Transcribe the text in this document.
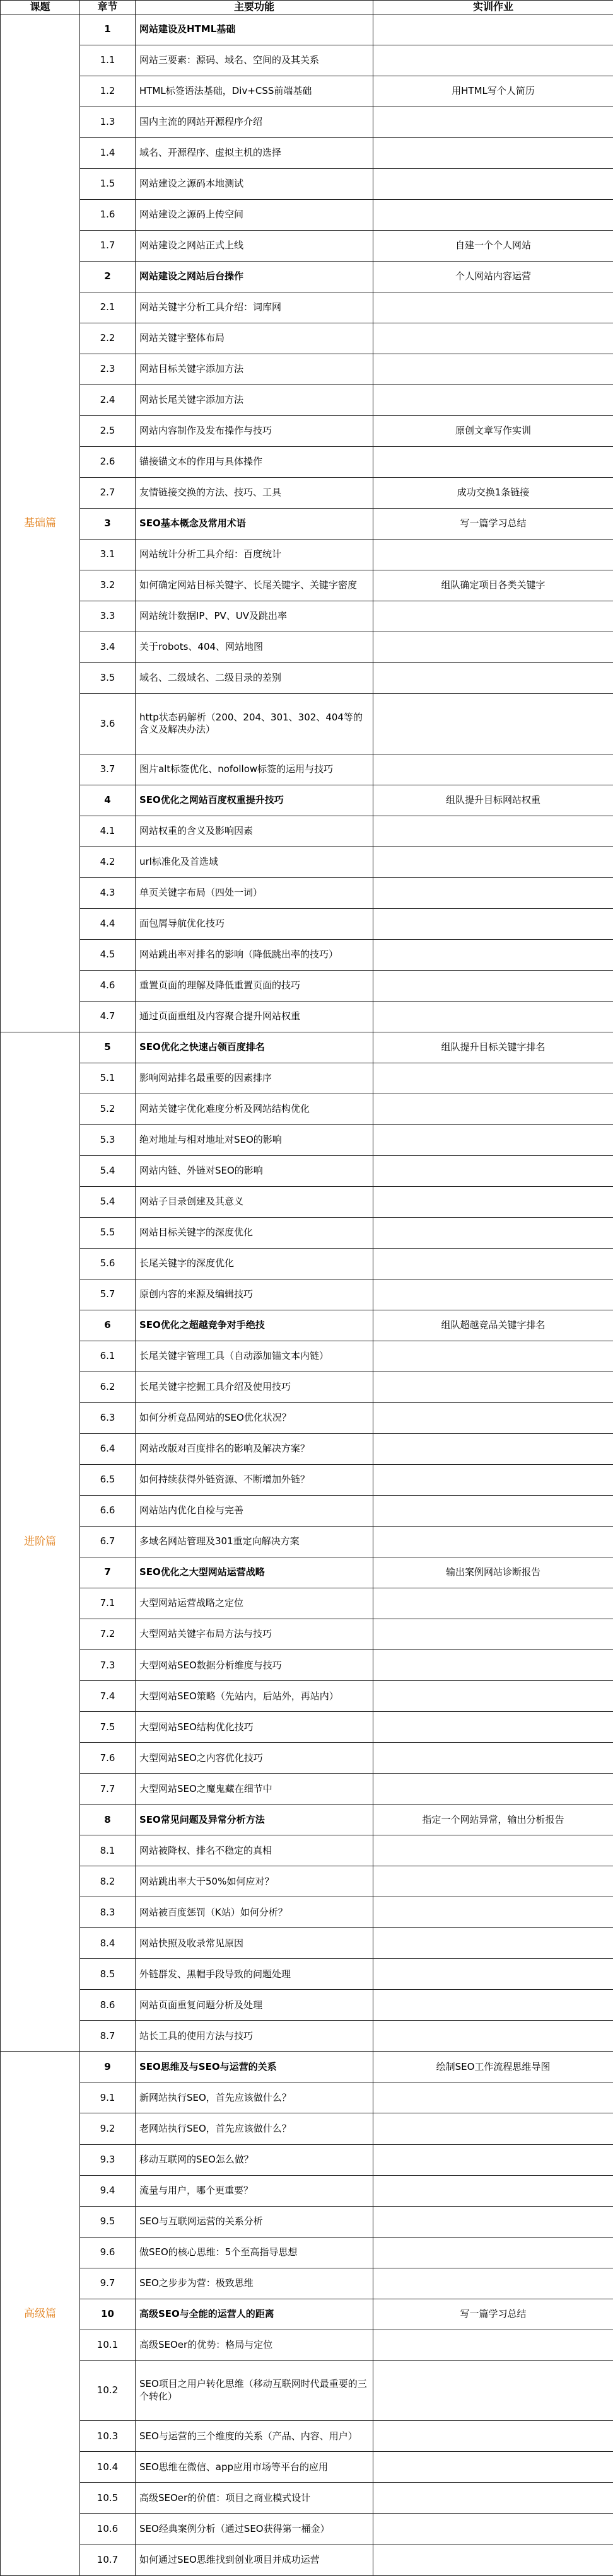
课题	章节	主要功能	实训作业
基础篇	1	网站建设及HTML基础	
	1.1	网站三要素：源码、域名、空间的及其关系	
	1.2	HTML标签语法基础，Div+CSS前端基础	用HTML写个人简历
	1.3	国内主流的网站开源程序介绍	
	1.4	域名、开源程序、虚拟主机的选择	
	1.5	网站建设之源码本地测试	
	1.6	网站建设之源码上传空间	
	1.7	网站建设之网站正式上线	自建一个个人网站
	2	网站建设之网站后台操作	个人网站内容运营
	2.1	网站关键字分析工具介绍：词库网	
	2.2	网站关键字整体布局	
	2.3	网站目标关键字添加方法	
	2.4	网站长尾关键字添加方法	
	2.5	网站内容制作及发布操作与技巧	原创文章写作实训
	2.6	锚接锚文本的作用与具体操作	
	2.7	友情链接交换的方法、技巧、工具	成功交换1条链接
	3	SEO基本概念及常用术语	写一篇学习总结
	3.1	网站统计分析工具介绍：百度统计	
	3.2	如何确定网站目标关键字、长尾关键字、关键字密度	组队确定项目各类关键字
	3.3	网站统计数据IP、PV、UV及跳出率	
	3.4	关于robots、404、网站地图	
	3.5	域名、二级域名、二级目录的差别	
	3.6	http状态码解析（200、204、301、302、404等的含义及解决办法）	
	3.7	图片alt标签优化、nofollow标签的运用与技巧	
	4	SEO优化之网站百度权重提升技巧	组队提升目标网站权重
	4.1	网站权重的含义及影响因素	
	4.2	url标准化及首选域	
	4.3	单页关键字布局（四处一词）	
	4.4	面包屑导航优化技巧	
	4.5	网站跳出率对排名的影响（降低跳出率的技巧）	
	4.6	重置页面的理解及降低重置页面的技巧	
	4.7	通过页面重组及内容聚合提升网站权重	
进阶篇	5	SEO优化之快速占领百度排名	组队提升目标关键字排名
	5.1	影响网站排名最重要的因素排序	
	5.2	网站关键字优化难度分析及网站结构优化	
	5.3	绝对地址与相对地址对SEO的影响	
	5.4	网站内链、外链对SEO的影响	
	5.4	网站子目录创建及其意义	
	5.5	网站目标关键字的深度优化	
	5.6	长尾关键字的深度优化	
	5.7	原创内容的来源及编辑技巧	
	6	SEO优化之超越竞争对手绝技	组队超越竞品关键字排名
	6.1	长尾关键字管理工具（自动添加锚文本内链）	
	6.2	长尾关键字挖掘工具介绍及使用技巧	
	6.3	如何分析竞品网站的SEO优化状况？	
	6.4	网站改版对百度排名的影响及解决方案？	
	6.5	如何持续获得外链资源、不断增加外链？	
	6.6	网站站内优化自检与完善	
	6.7	多域名网站管理及301重定向解决方案	
	7	SEO优化之大型网站运营战略	输出案例网站诊断报告
	7.1	大型网站运营战略之定位	
	7.2	大型网站关键字布局方法与技巧	
	7.3	大型网站SEO数据分析维度与技巧	
	7.4	大型网站SEO策略（先站内，后站外，再站内）	
	7.5	大型网站SEO结构优化技巧	
	7.6	大型网站SEO之内容优化技巧	
	7.7	大型网站SEO之魔鬼藏在细节中	
	8	SEO常见问题及异常分析方法	指定一个网站异常，输出分析报告
	8.1	网站被降权、排名不稳定的真相	
	8.2	网站跳出率大于50%如何应对？	
	8.3	网站被百度惩罚（K站）如何分析？	
	8.4	网站快照及收录常见原因	
	8.5	外链群发、黑帽手段导致的问题处理	
	8.6	网站页面重复问题分析及处理	
	8.7	站长工具的使用方法与技巧	
高级篇	9	SEO思维及与SEO与运营的关系	绘制SEO工作流程思维导图
	9.1	新网站执行SEO，首先应该做什么？	
	9.2	老网站执行SEO，首先应该做什么？	
	9.3	移动互联网的SEO怎么做？	
	9.4	流量与用户，哪个更重要？	
	9.5	SEO与互联网运营的关系分析	
	9.6	做SEO的核心思维：5个至高指导思想	
	9.7	SEO之步步为营：极致思维	
	10	高级SEO与全能的运营人的距离	写一篇学习总结
	10.1	高级SEOer的优势：格局与定位	
	10.2	SEO项目之用户转化思维（移动互联网时代最重要的三个转化）	
	10.3	SEO与运营的三个维度的关系（产品、内容、用户）	
	10.4	SEO思维在微信、app应用市场等平台的应用	
	10.5	高级SEOer的价值：项目之商业模式设计	
	10.6	SEO经典案例分析（通过SEO获得第一桶金）	
	10.7	如何通过SEO思维找到创业项目并成功运营	
